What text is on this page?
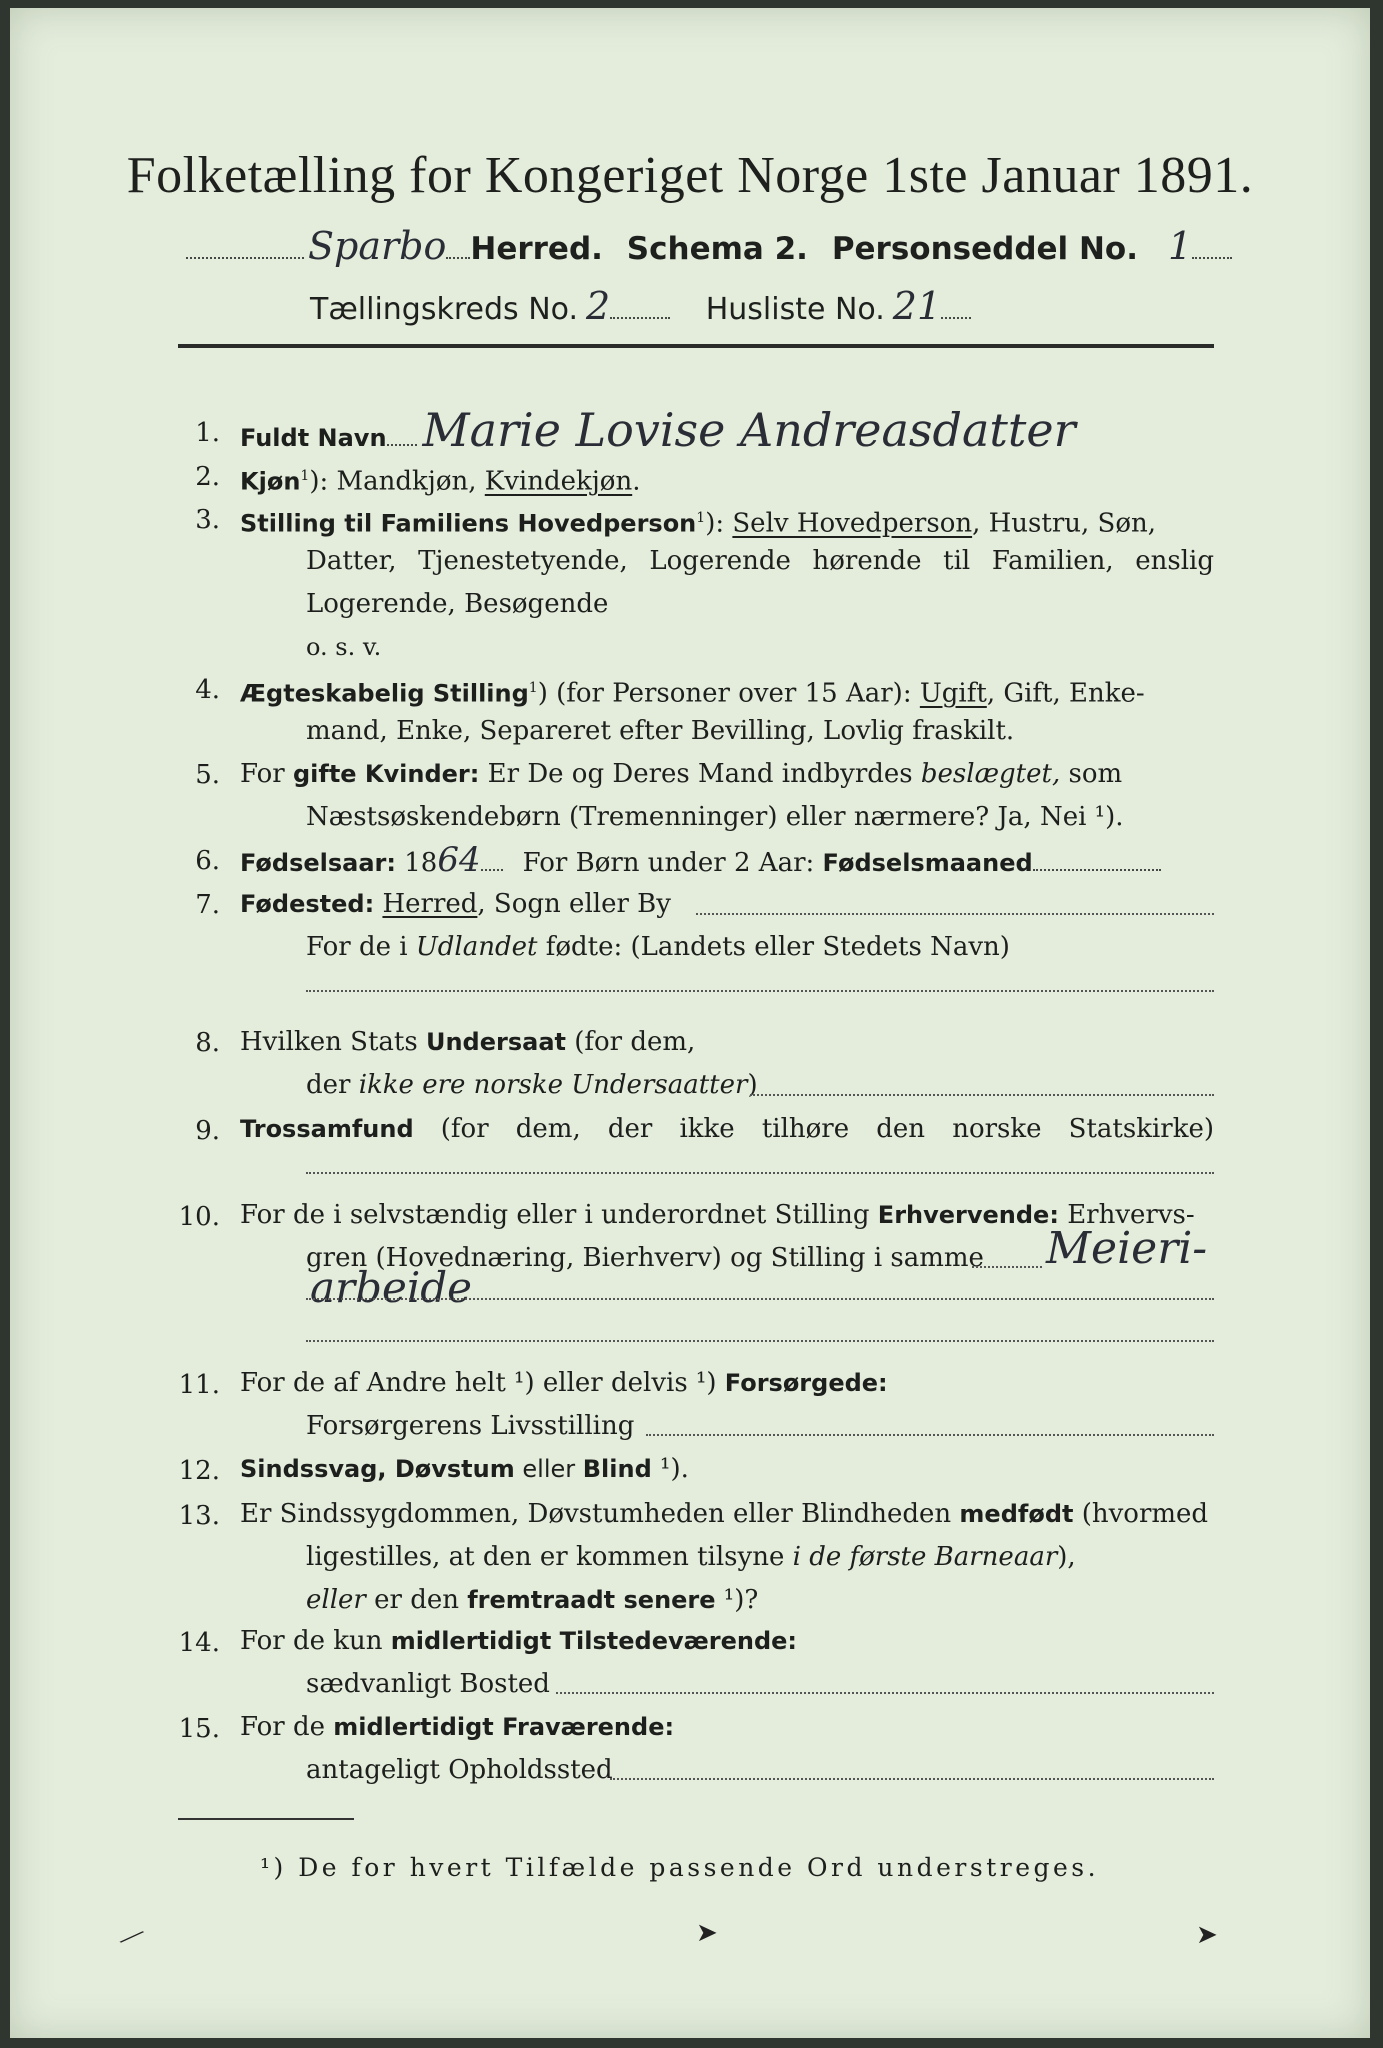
Folketælling for Kongeriget Norge 1ste Januar 1891.
Sparbo Herred. Schema 2. Personseddel No. 1
Tællingskreds No. 2	Husliste No. 21
1. Fuldt Navn Marie Lovise Andreasdatter
2. Kjøn$^1$): Mandkjøn, Kvindekjøn.
3. Stilling til Familiens Hovedperson$^1$): Selv Hovedperson, Hustru, Søn,
Datter, Tjenestetyende, Logerende hørende til Familien, enslig
Logerende, Besøgende
o. s. v.
4. Ægteskabelig Stilling$^1$) (for Personer over 15 Aar): Ugift, Gift, Enke-
mand, Enke, Separeret efter Bevilling, Lovlig fraskilt.
5. For gifte Kvinder: Er De og Deres Mand indbyrdes beslægtet, som
Næstsøskendebørn (Tremenninger) eller nærmere? Ja, Nei ¹).
6. Fødselsaar: 1864 For Børn under 2 Aar: Fødselsmaaned
7. Fødested: Herred, Sogn eller By
For de i Udlandet fødte: (Landets eller Stedets Navn)
8. Hvilken Stats Undersaat (for dem,
der ikke ere norske Undersaatter)
9. Trossamfund (for dem, der ikke tilhøre den norske Statskirke)
10. For de i selvstændig eller i underordnet Stilling Erhvervende: Erhvervs-
gren (Hovednæring, Bierhverv) og Stilling i samme Meieri-
arbeide
11. For de af Andre helt ¹) eller delvis ¹) Forsørgede:
Forsørgerens Livsstilling
12. Sindssvag, Døvstum eller Blind ¹).
13. Er Sindssygdommen, Døvstumheden eller Blindheden medfødt (hvormed
ligestilles, at den er kommen tilsyne i de første Barneaar),
eller er den fremtraadt senere ¹)?
14. For de kun midlertidigt Tilstedeværende:
sædvanligt Bosted
15. For de midlertidigt Fraværende:
antageligt Opholdssted
¹) De for hvert Tilfælde passende Ord understreges.
⟋	➤	➤
